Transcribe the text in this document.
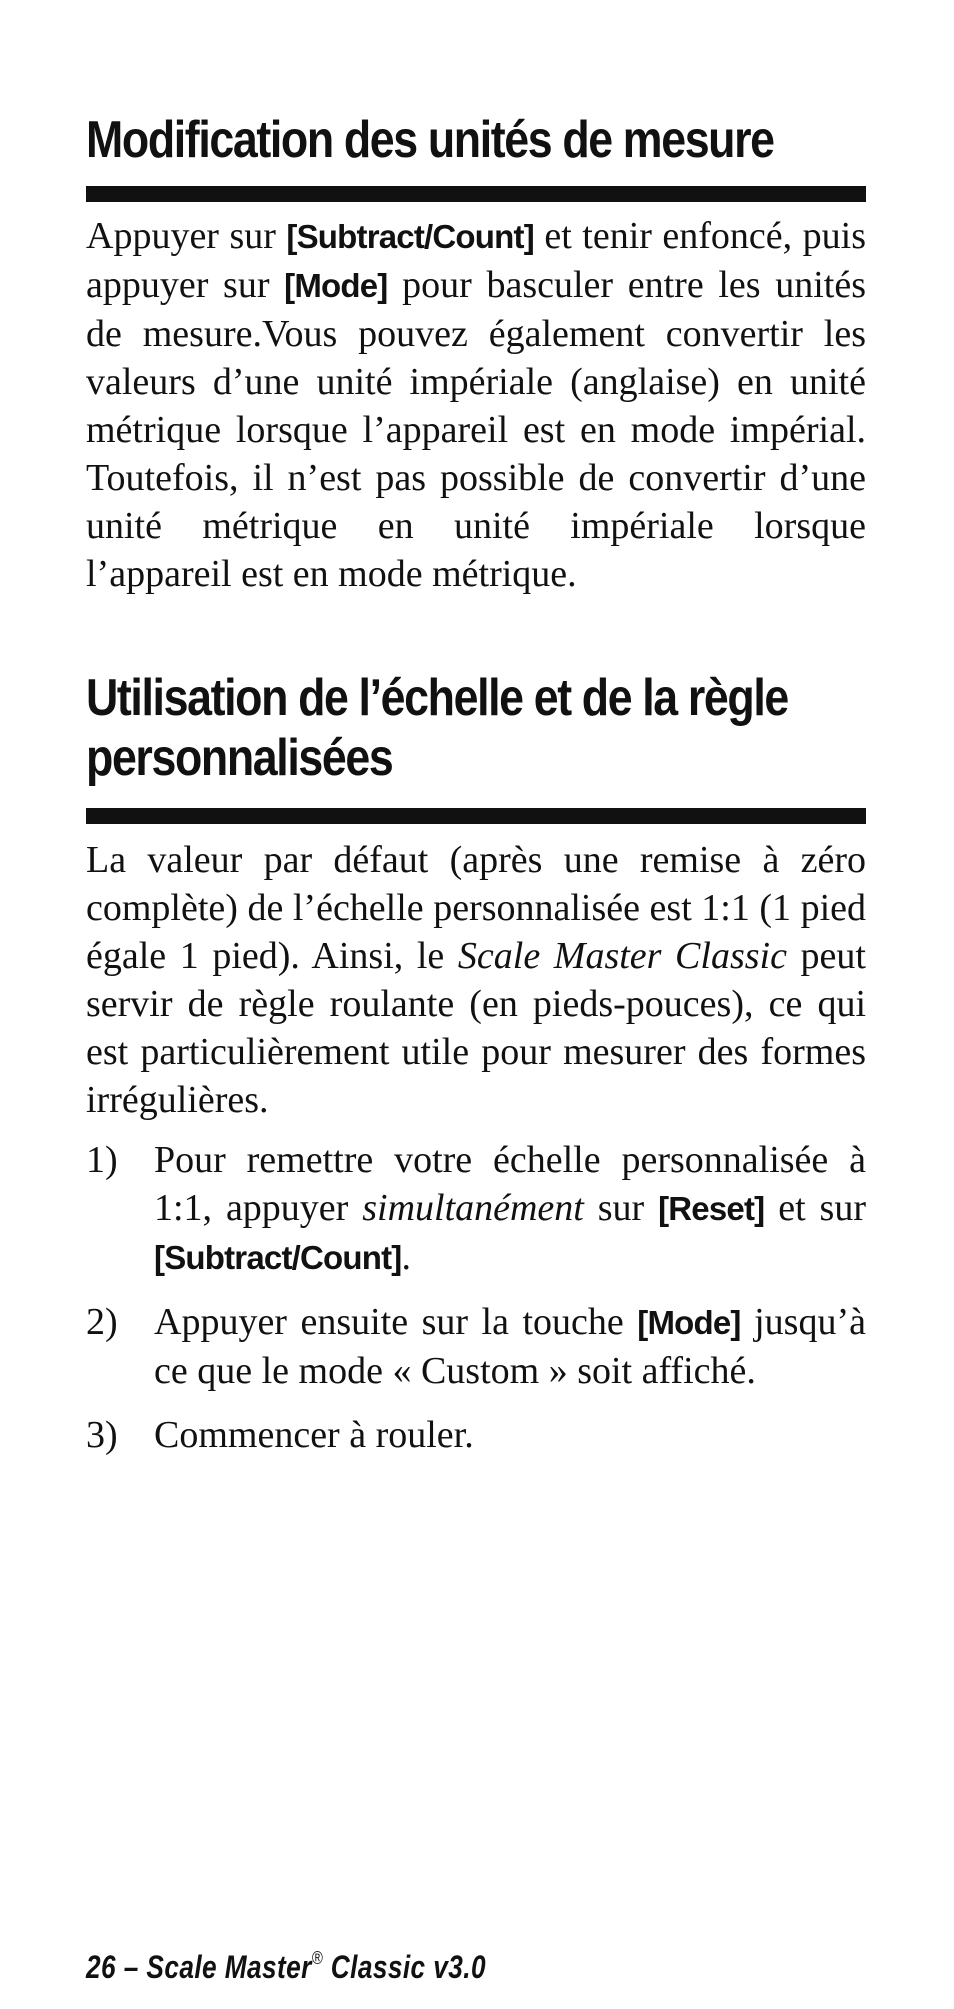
Modification des unités de mesure

Appuyer sur [Subtract/Count] et tenir enfoncé, puis appuyer sur [Mode] pour basculer entre les unités de mesure.Vous pouvez également convertir les valeurs d’une unité impériale (anglaise) en unité métrique lorsque l’appareil est en mode impérial. Toutefois, il n’est pas possible de convertir d’une unité métrique en unité impériale lorsque l’appareil est en mode métrique.

Utilisation de l’échelle et de la règle personnalisées

La valeur par défaut (après une remise à zéro complète) de l’échelle personnalisée est 1:1 (1 pied égale 1 pied). Ainsi, le Scale Master Classic peut servir de règle roulante (en pieds-pouces), ce qui est particulièrement utile pour mesurer des formes irrégulières.

1) Pour remettre votre échelle personnalisée à 1:1, appuyer simultanément sur [Reset] et sur [Subtract/Count].
2) Appuyer ensuite sur la touche [Mode] jusqu’à ce que le mode « Custom » soit affiché.
3) Commencer à rouler.
26 – Scale Master® Classic v3.0
